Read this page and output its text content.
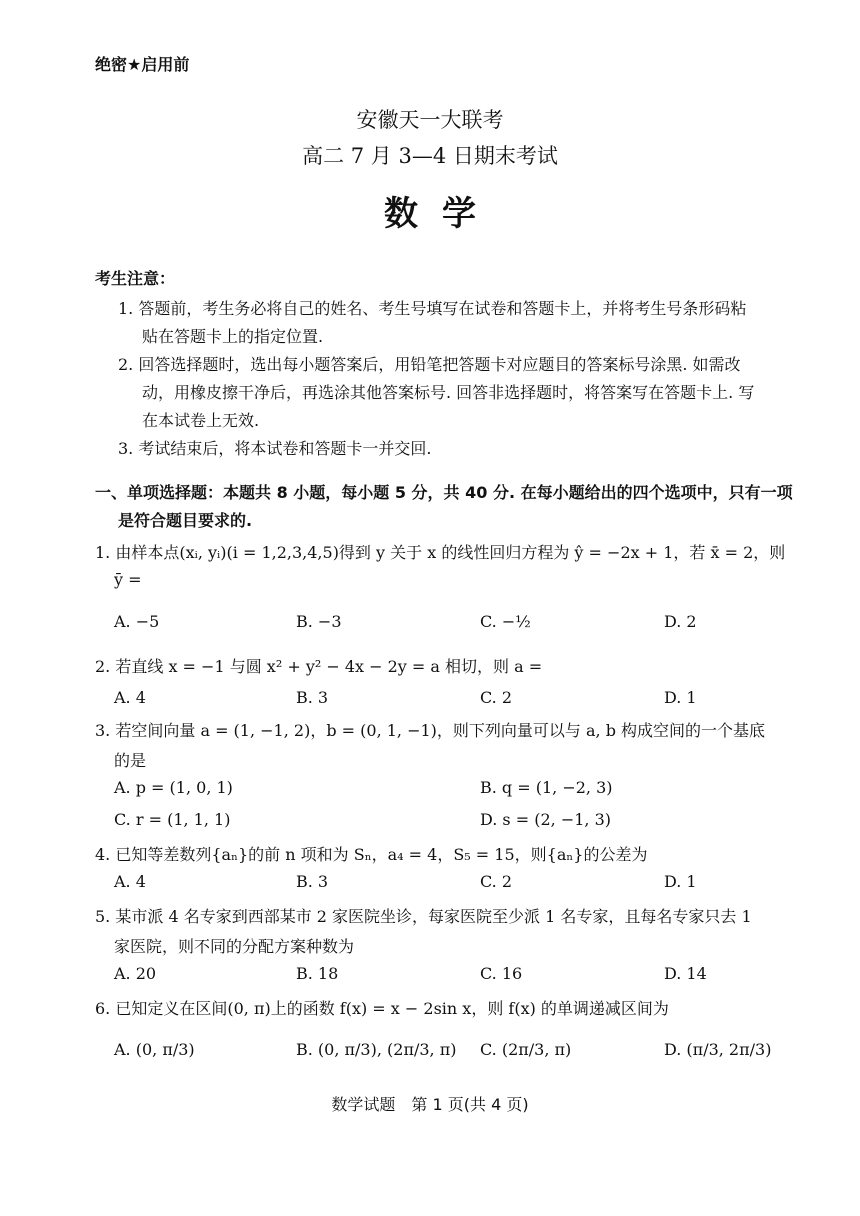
绝密★启用前
安徽天一大联考
高二 7 月 3—4 日期末考试
数学
考生注意：
1. 答题前，考生务必将自己的姓名、考生号填写在试卷和答题卡上，并将考生号条形码粘
贴在答题卡上的指定位置.
2. 回答选择题时，选出每小题答案后，用铅笔把答题卡对应题目的答案标号涂黑. 如需改
动，用橡皮擦干净后，再选涂其他答案标号. 回答非选择题时，将答案写在答题卡上. 写
在本试卷上无效.
3. 考试结束后，将本试卷和答题卡一并交回.
一、单项选择题：本题共 8 小题，每小题 5 分，共 40 分. 在每小题给出的四个选项中，只有一项
是符合题目要求的.
1. 由样本点(xᵢ, yᵢ)(i = 1,2,3,4,5)得到 y 关于 x 的线性回归方程为 ŷ = −2x + 1，若 x̄ = 2，则
ȳ =
A. −5	B. −3	C. −½	D. 2
2. 若直线 x = −1 与圆 x² + y² − 4x − 2y = a 相切，则 a =
A. 4	B. 3	C. 2	D. 1
3. 若空间向量 a = (1, −1, 2)，b = (0, 1, −1)，则下列向量可以与 a, b 构成空间的一个基底
的是
A. p = (1, 0, 1)	B. q = (1, −2, 3)
C. r = (1, 1, 1)	D. s = (2, −1, 3)
4. 已知等差数列{aₙ}的前 n 项和为 Sₙ，a₄ = 4，S₅ = 15，则{aₙ}的公差为
A. 4	B. 3	C. 2	D. 1
5. 某市派 4 名专家到西部某市 2 家医院坐诊，每家医院至少派 1 名专家，且每名专家只去 1
家医院，则不同的分配方案种数为
A. 20	B. 18	C. 16	D. 14
6. 已知定义在区间(0, π)上的函数 f(x) = x − 2sin x，则 f(x) 的单调递减区间为
A. (0, π/3)	B. (0, π/3), (2π/3, π) C. (2π/3, π)	D. (π/3, 2π/3)
数学试题　第 1 页(共 4 页)
